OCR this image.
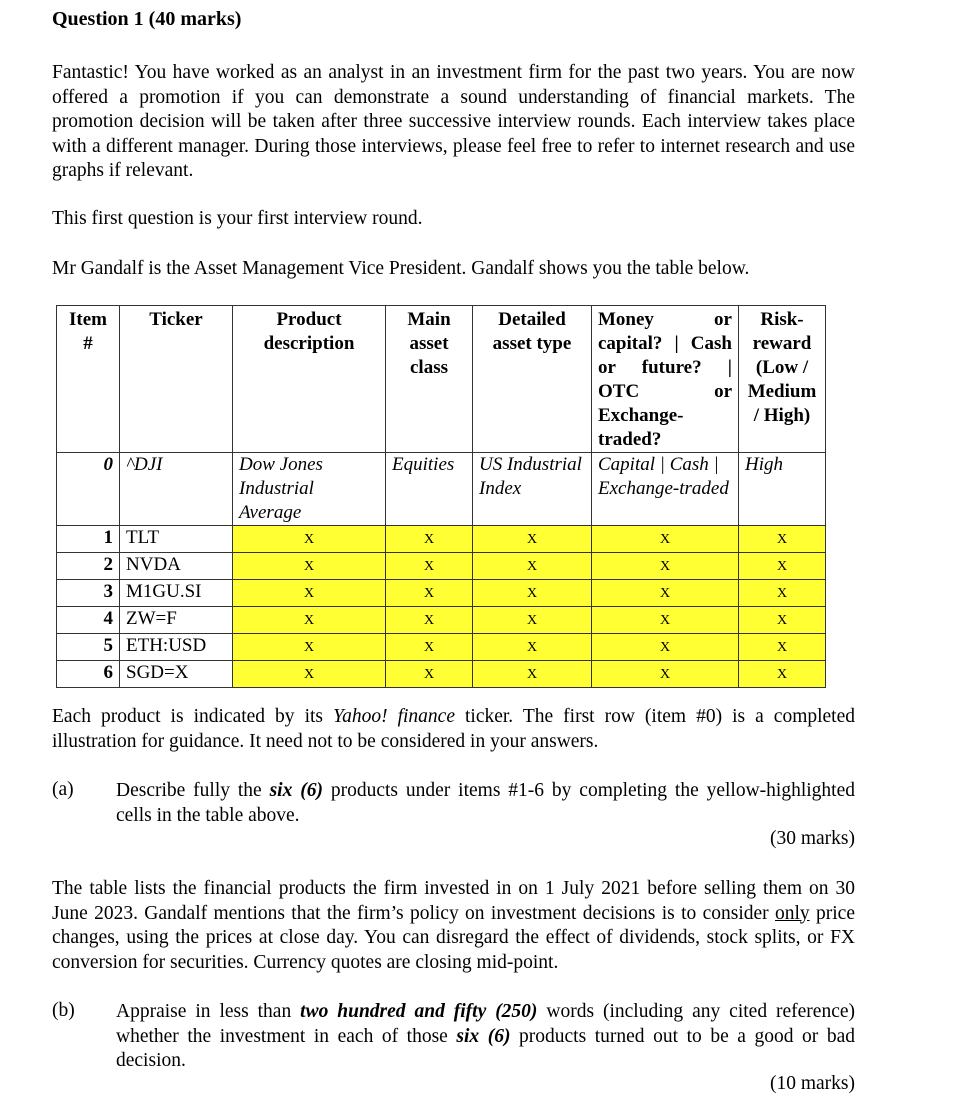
Question 1 (40 marks)

Fantastic! You have worked as an analyst in an investment firm for the past two years. You are now offered a promotion if you can demonstrate a sound understanding of financial markets. The promotion decision will be taken after three successive interview rounds. Each interview takes place with a different manager. During those interviews, please feel free to refer to internet research and use graphs if relevant.

This first question is your first interview round.

Mr Gandalf is the Asset Management Vice President. Gandalf shows you the table below.

Item #	Ticker	Product description	Main asset class	Detailed asset type	Money or capital? | Cash or future? | OTC or Exchange-traded?	Risk-reward (Low / Medium / High)
0	^DJI	Dow Jones Industrial Average	Equities	US Industrial Index	Capital | Cash | Exchange-traded	High
1	TLT	X	X	X	X	X
2	NVDA	X	X	X	X	X
3	M1GU.SI	X	X	X	X	X
4	ZW=F	X	X	X	X	X
5	ETH:USD	X	X	X	X	X
6	SGD=X	X	X	X	X	X

Each product is indicated by its Yahoo! finance ticker. The first row (item #0) is a completed illustration for guidance. It need not to be considered in your answers.

(a) Describe fully the six (6) products under items #1-6 by completing the yellow-highlighted cells in the table above.

(30 marks)

The table lists the financial products the firm invested in on 1 July 2021 before selling them on 30 June 2023. Gandalf mentions that the firm’s policy on investment decisions is to consider only price changes, using the prices at close day. You can disregard the effect of dividends, stock splits, or FX conversion for securities. Currency quotes are closing mid-point.

(b) Appraise in less than two hundred and fifty (250) words (including any cited reference) whether the investment in each of those six (6) products turned out to be a good or bad decision.

(10 marks)
